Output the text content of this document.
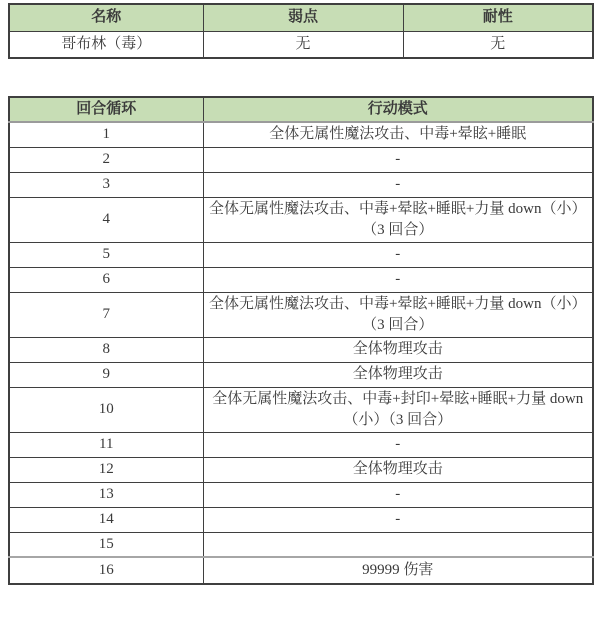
名称	弱点	耐性
哥布林（毒）	无	无
回合循环	行动模式
1	全体无属性魔法攻击、中毒+晕眩+睡眠
2	-
3	-
4	全体无属性魔法攻击、中毒+晕眩+睡眠+力量 down（小）（3 回合）
5	-
6	-
7	全体无属性魔法攻击、中毒+晕眩+睡眠+力量 down（小）（3 回合）
8	全体物理攻击
9	全体物理攻击
10	全体无属性魔法攻击、中毒+封印+晕眩+睡眠+力量 down（小）（3 回合）
11	-
12	全体物理攻击
13	-
14	-
15	
16	99999 伤害
